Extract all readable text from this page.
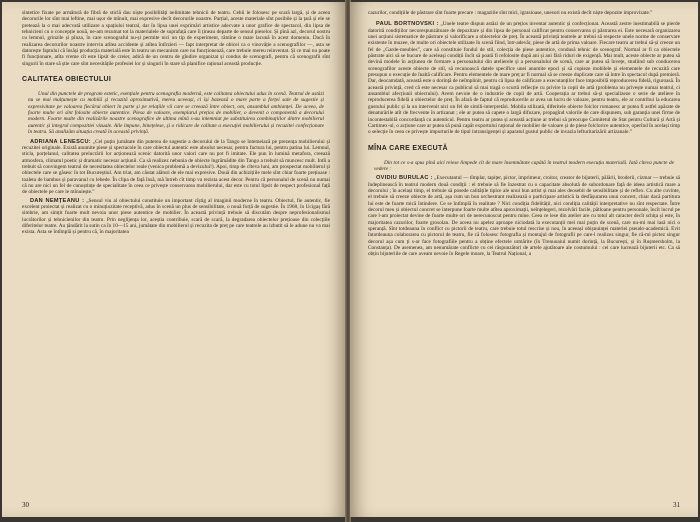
sintetice fixate pe armătură de fibră de sticlă dau niște posibilități nelimitate tehnicii de teatru. Cehii le folosesc pe scară largă, și de aceea decorurile lor sînt mai leftine, mai ușor de mînuit, mai expresive decît decorurile noastre. Parțial, aceste materiale sînt posibile și la țară și ele se pretează la o mai adecvată utilizare a spațiului teatral, dar în lipsa unei exprimări artistice adecvate a unor grafice de spectacol, din lipsa de tehnicieni cu o concepție nouă, ne-am rezumat tot la materialele de suprafață care îi țineau departe de sensul pieselor. Și pînă azi, decorul nostru cu lemnul, grinzile și pînza, în care scenograful nu-și permite nici un tip de experiment, rămîne o mare lacună în acest domeniu. Dacă în realizarea decorurilor noastre intervin atîtea accidente și atîtea întîrzieri — fapt interpretat de obicei ca o vinovăție a scenografilor —, asta se datorește faptului că însăși producția materială este în teatru un mecanism care nu funcționează, care trebuie mereu reinventat. Și ce mai nu poate fi funcționare, atîta vreme cît este lipsit de creier, adică de un centru de gîndire organizat și condus de scenografi, pentru că scenografii sînt singurii în stare să știe care sînt necesitățile profesiei lor și singurii în stare să planifice rațional această producție.

CALITATEA OBIECTULUI

Unul din punctele de program estetic, esențiale pentru scenografia modernă, este calitatea obiectului adus în scenă. Teatrul de astăzi nu se mai mulțumește cu mobilă și recuzită aproximativă, mereu aceeași, ci își bazează o mare parte a forței sale de sugestie și expresivitate pe valoarea fiecărui obiect în parte și pe relațiile vii care se creează între obiect, om, ansamblul ambianței. De aceea, de foarte multe ori sînt folosite obiecte autentice. Piesa de valoare, exemplarul prețios de mobilier, o devenit o componentă a decorului modern. Foarte multe din realizările noastre scenografice de ultima mînă s-au inlemniat pe substituirea combinațiilor dintre mobilierul autentic și integrul compozitiei vizuale. Aile împune, binețelese, și o ridicare de calitate a execuției mobilierului și recuzitei confecționate în teatru. Să analizăm situația creată în această privință.

ADRIANA LENESCU: „Cel puțin jumătate din puterea de sugestie a decorului de la Tango se întemeiază pe prezența mobilierului și recuzitei originale. Există anumite piese și spectacole în care obiectul autentic este absolut necesar, pentru factura lui, pentru patina lui. Lemnul, sticla, porțelanul, calitatea prelucrării lor acționează scenic datorită unor valori care nu pot fi imitate. Ele pun în lumină metafora, creează atmosfera, climatul poetic și dramatic necesar acțiunii. Ca să realizez nebunia de obiecte îngrămădite din Tango a trebuit să muncesc mult. Intîi a trebuit să convingem teatrul de necesitatea obiectelor reale (venica problemă a devizului!). Apoi, timp de cîteva luni, am prospectat mobilierul și obiectele care se găsesc în tot Bucureștiul. Am triat, am căutat alături de ele mai expresive. Două din achizițiile mele sînt chiar foarte prețioase : toaleta de bambus și paravanul cu lebede. În clipa de față însă, mă întreb cît timp va rezista acest decor. Pentru că personalul de scenă nu numai că nu are nici un fel de cunoștințe de specialitate în ceea ce privește conservarea mobilierului, dar este cu totul lipsit de respect profesional față de obiectele pe care le mînuiește.”

DAN NEMȚEANU : „Sensul viu al obiectului constituie un important cîștig al imaginii moderne în teatru. Obiectul, fie autentic, fie excelent proiectat și realizat cu o minuțiozitate receptivă, adus în scenă un plus de sensibilitate, o nouă forță de sugestie. În 1968, în Ucigaș fără simbrie, am simțit foarte mult nevoia unor piese autentice de mobilier. În această privință trebuie să discutăm despre neprofesionalismul lucrătorilor și tehnicienilor din teatru. Prin neglijența lor, aceștia contribuie, scară de scară, la degradarea obiectelor prețioase din colecțiile diferitelor teatre. Au țăndărit la sutin ca în 10—15 ani, jumătate din mobilierul și recuzita de preț pe care teatrele au izbutit să le adune nu va mai exista. Asta se întîmplă și pentru că, în majoritatea

30

cazurilor, condițiile de păstrare sînt foarte precare : magaziile sînt mici, igrasioase, unesori nu există decît niște depozite improvizate.”

PAUL BORTNOVSKI : „Unele teatre dispun astăzi de un prețios inventar autentic și confecționat. Această zestre inestimabilă se pierde datorită condițiilor necorespunzătoare de depozitare și din lipsa de personal calificat pentru conservarea și păstrarea ei. Este necesară organizarea unei acțiuni sistematice de păstrare și valorificare a obiectelor de preț. În această privință teatrele ar trebui să respecte unele norme de conservare existente în muzee, de multe ori obiectele utilizate în scenă fiind, într-adevăr, piese de artă de prima valoare. Fiecare teatru ar trebui să-și creeze un fel de „Garde-meubles”, care să constituie fondul de stil, colecția de piese autentice, condusă tehnic de scenograf. Normal ar fi ca obiectele păstrate aici să se bucure de aceleași condiții încît să poată fi refolosite după ani și ani fără riduri de exigență. Mai mult, aceste obiecte ar putea să devină modele în acțiunea de formare a personalului din atelierele și a personalului de scenă, care ar putea să învețe, studiind sub conducerea scenografilor aceste obiecte de stil, să recunoască datele specifice unei anumite epoci și să copieze mobilele și elementele de recuzită care presupun o execuție de înaltă calificare. Pentru elementele de mare preț ar fi normal să se creeze duplicate care să intre în spectacol după premieră. Dar, deocamdată, această este o dorință de neîmplinit, pentru că lipsa de calificare a executanților face imposibilă reproducerea fidelă, riguroasă. În această privință, cred că este necesar ca publicul să mai tragă o scurtă reflecție cu privire la copii de artă (problema nu privește numai teatrul, ci ansamblul afecțiunii obiectului). Avem nevoie de o industrie de copii de artă. Cooperația ar trebui să-și specializeze o serie de ateliere în reproducerea fidelă a obiectelor de preț. În afară de faptul că reproducerile ar avea un lucru de valoare, pentru teatru, ele ar contribui la educarea gustului public și la un intervenit nici un fel de simili-interpretări. Mobila stilizată, diferitele obiecte folclor romanesc ar putea fi astfel apărate de denaturările atît de frecvente în artizanat ; ele ar putea să capete o largă difuzare, propagînd valorile de care dispunem, sub garanția unei firme de incontestabilă concordanță cu autenticul. Pentru teatru ar putea și această acțiune ar trebui să preocupe Comitetul de Stat pentru Cultură și Artă și Cartimex-ul, o acțiune care ar putea să pună capăt exportului rațional de mobilier de valoare și de piese folclorice autentice, operînd în același timp o selecție în ceea ce privește importurile de tipul intransigenței și aparatul gustul public de invazia lefturitarizării artizanale.”

MÎNA CARE EXECUTĂ

Din tot ce s-a spus pînă aici reiese limpede cît de mare însemnătate capătă în teatrul modern execuția materială. Iată cîteva puncte de vedere :

OVIDIU BURULAC : „Executantul — tîmplar, tapițer, pictor, imprimeur, croitor, creator de bijuterii, pălării, broderii, cizmar — trebuie să îndeplinească în teatrul modern două condiții : el trebuie să fie înzestrat cu o capacitate absolută de subordonare față de ideea artistică mare a decorului ; în același timp, el trebuie să posede calitățile tipice ale unui bun artist și mai ales deosebit de sensibilitate și de reflex. Cu alte cuvinte, el trebuie să creeze obiecte de artă, așa cum un bun orchestrant realizează o participare artistică la desfășurarea unui concert, chiar dacă partitura lui este de foarte mică întindere. Ce se întîmplă în realitate ? Nici condiția fidelității, nici condiția calității interpretative nu sînt respectate. Între decorul meu și obiectul concret se interpune foarte multe atîtea aproximații, neînțelegeri, rezolvări facile, pătloane pentru personale, încît lucrul pe care l-am proiectat devine de foarte multe ori de nerecunoscut pentru mine. Ceea ce lese din atelier are cu totul alt caracter decît schița și este, în majoritatea cazurilor, foarte grosolan. De aceea nu apelez aproape niciodată la executanții mei mai puțin de scenă, care nu-mi mai lasă nici o speranță. Sînt totdeauna în conflict cu pictorii de teatru, care trebuie totul rescrise și nou, în aceeași obișnuinței materiei pseudo-academică. Evit întotdeauna colaborarea cu pictorul de teatru, fie că folosesc fotografia și montajul de fotografii pe care-l realizez singur, fie că-mi pictez singur decorul așa cum ți s-ar face fotografiile pentru a obține efectele urmărite (în Trenuoaiul numit dorință, la București, și în Rușmersholm, la Constanța). De asemenea, am nenumărate conflicte cu cei răspunzători de artele ajutătoare ale costumului : cei care lucrează bijuterii etc. Ca să obțin bijuteriile de care aveam nevoie în Regele moare, la Teatrul Național, a

31
